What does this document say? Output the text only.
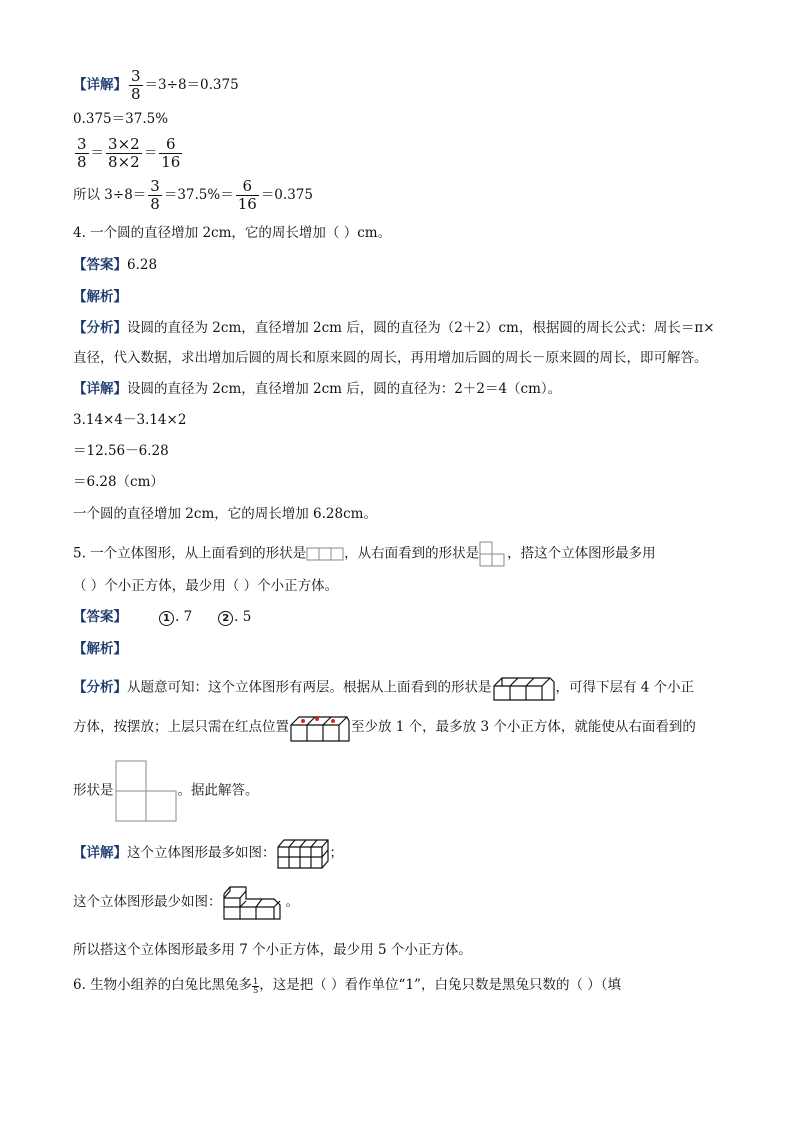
【详解】 $\frac{3}{8} =3\div 8=0.375$
0.375＝37.5%
$\frac{3}{8} = \frac{3\times 2}{8\times 2} = \frac{6}{16}$
所以 $3\div 8= \frac{3}{8} =37.5\%= \frac{6}{16} =0.375$
4. 一个圆的直径增加 2cm，它的周长增加（ ）cm。
【答案】6.28
【解析】
【分析】设圆的直径为 2cm，直径增加 2cm 后，圆的直径为（2＋2）cm，根据圆的周长公式：周长＝π×
直径，代入数据，求出增加后圆的周长和原来圆的周长，再用增加后圆的周长－原来圆的周长，即可解答。
【详解】设圆的直径为 2cm，直径增加 2cm 后，圆的直径为：2＋2＝4（cm）。
3.14×4－3.14×2
＝12.56－6.28
＝6.28（cm）
一个圆的直径增加 2cm，它的周长增加 6.28cm。
5. 一个立体图形，从上面看到的形状是	，从右面看到的形状是 ，搭这个立体图形最多用
（ ）个小正方体，最少用（ ）个小正方体。
【答案】	1 . 7	2 . 5
【解析】
【分析】从题意可知：这个立体图形有两层。根据从上面看到的形状是	，可得下层有 4 个小正
方体，按摆放；上层只需在红点位置	至少放 1 个，最多放 3 个小正方体，就能使从右面看到的
形状是	。据此解答。
【详解】这个立体图形最多如图：	；
这个立体图形最少如图：	。
所以搭这个立体图形最多用 7 个小正方体，最少用 5 个小正方体。
6. 生物小组养的白兔比黑兔多 $\frac{1}{5}$ ，这是把（ ）看作单位“1”，白兔只数是黑兔只数的（ ）（填
